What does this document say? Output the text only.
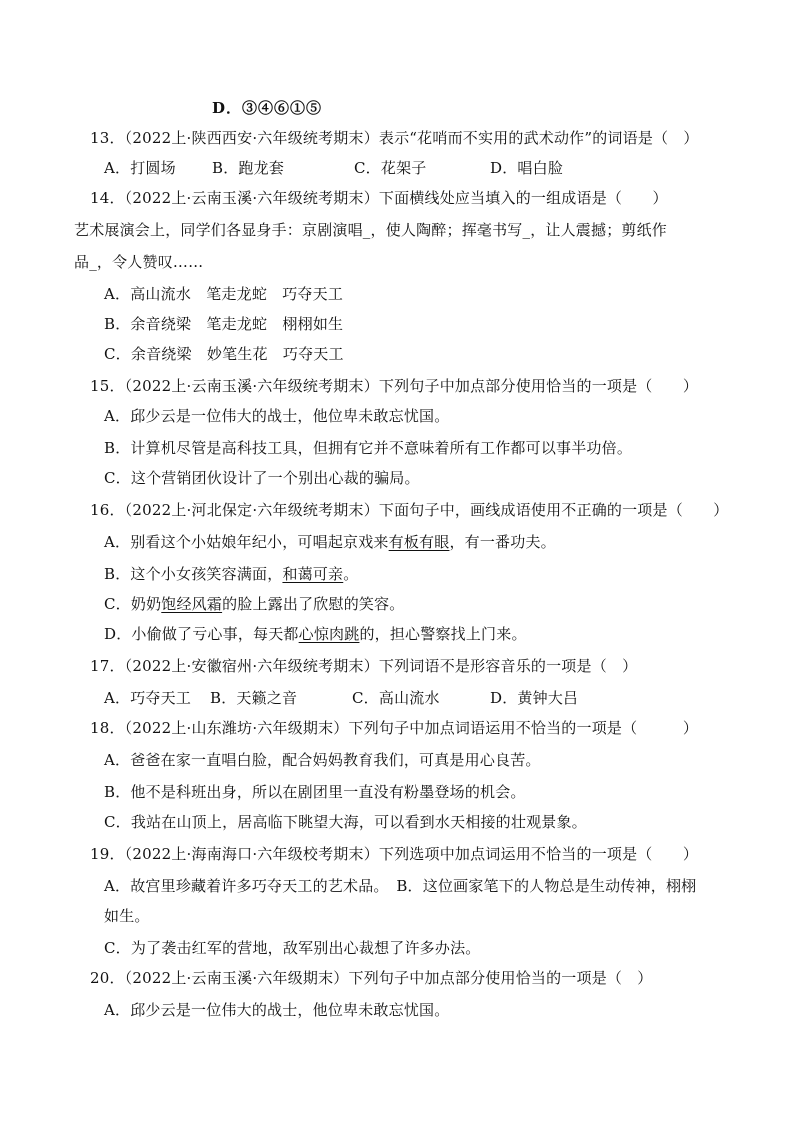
D．③④⑥①⑤
13．（2022上·陕西西安·六年级统考期末）表示“花哨而不实用的武术动作”的词语是（　）
A．打圆场 B．跑龙套	C．花架子	D．唱白脸
14．（2022上·云南玉溪·六年级统考期末）下面横线处应当填入的一组成语是（　　）
艺术展演会上，同学们各显身手：京剧演唱_，使人陶醉；挥毫书写_，让人震撼；剪纸作
品_，令人赞叹……
A．高山流水　笔走龙蛇　巧夺天工
B．余音绕梁　笔走龙蛇　栩栩如生
C．余音绕梁　妙笔生花　巧夺天工
15．（2022上·云南玉溪·六年级统考期末）下列句子中加点部分使用恰当的一项是（　　）
A．邱少云是一位伟大的战士，他位卑未敢忘忧国。
B．计算机尽管是高科技工具，但拥有它并不意味着所有工作都可以事半功倍。
C．这个营销团伙设计了一个别出心裁的骗局。
16．（2022上·河北保定·六年级统考期末）下面句子中，画线成语使用不正确的一项是（　　）
A．别看这个小姑娘年纪小，可唱起京戏来有板有眼，有一番功夫。
B．这个小女孩笑容满面，和蔼可亲。
C．奶奶饱经风霜的脸上露出了欣慰的笑容。
D．小偷做了亏心事，每天都心惊肉跳的，担心警察找上门来。
17．（2022上·安徽宿州·六年级统考期末）下列词语不是形容音乐的一项是（　）
A．巧夺天工 B．天籁之音	C．高山流水	D．黄钟大吕
18．（2022上·山东潍坊·六年级期末）下列句子中加点词语运用不恰当的一项是（　　　）
A．爸爸在家一直唱白脸，配合妈妈教育我们，可真是用心良苦。
B．他不是科班出身，所以在剧团里一直没有粉墨登场的机会。
C．我站在山顶上，居高临下眺望大海，可以看到水天相接的壮观景象。
19．（2022上·海南海口·六年级校考期末）下列选项中加点词运用不恰当的一项是（　　）
A．故宫里珍藏着许多巧夺天工的艺术品。　B．这位画家笔下的人物总是生动传神，栩栩
如生。
C．为了袭击红军的营地，敌军别出心裁想了许多办法。
20．（2022上·云南玉溪·六年级期末）下列句子中加点部分使用恰当的一项是（　）
A．邱少云是一位伟大的战士，他位卑未敢忘忧国。
